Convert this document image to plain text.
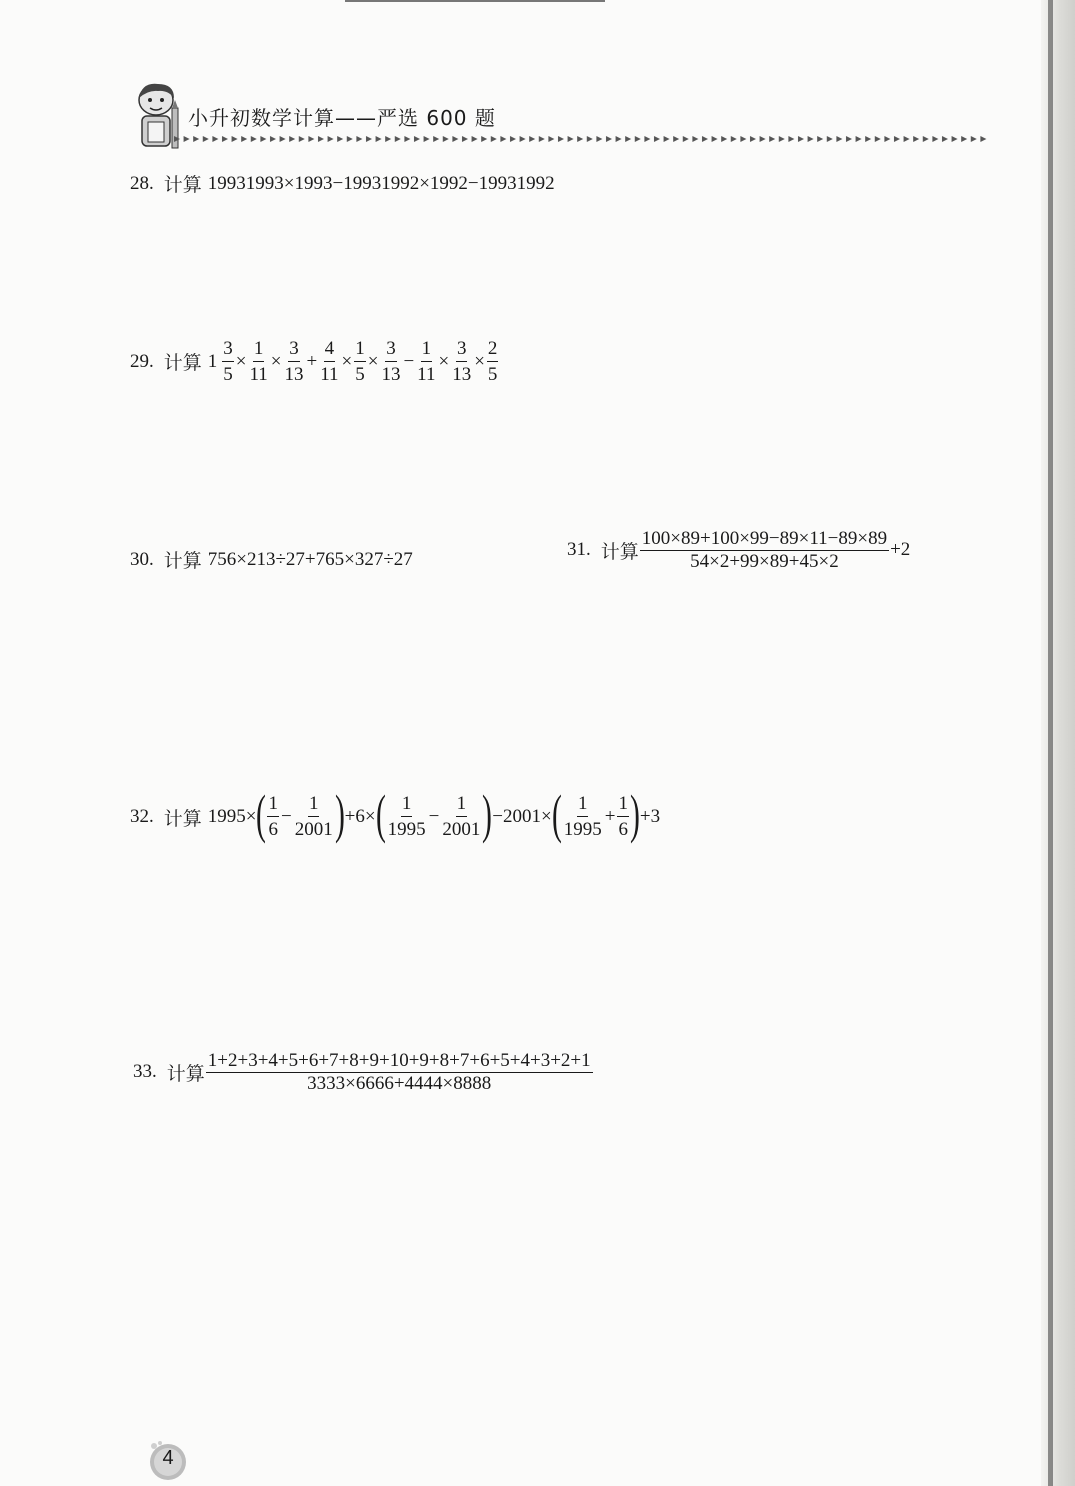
小升初数学计算——严选 600 题
28. 计算 19931993×1993−19931992×1992−19931992
29. 计算 $1 \frac{3}{5} \times \frac{1}{11} \times \frac{3}{13} + \frac{4}{11} \times \frac{1}{5} \times \frac{3}{13} - \frac{1}{11} \times \frac{3}{13} \times \frac{2}{5}$
30. 计算 756×213÷27+765×327÷27	31. 计算 $\frac{100\times 89+100\times 99-89\times 11-89\times 89}{54\times 2+99\times 89+45\times 2} +2$
32. 计算 1995× ( $\frac{1}{6} - \frac{1}{2001}$ ) +6× ( $\frac{1}{1995} - \frac{1}{2001}$ ) −2001× ( $\frac{1}{1995} + \frac{1}{6}$ ) +3
33. 计算 $\frac{1+2+3+4+5+6+7+8+9+10+9+8+7+6+5+4+3+2+1}{3333\times 6666+4444\times 8888}$
4
